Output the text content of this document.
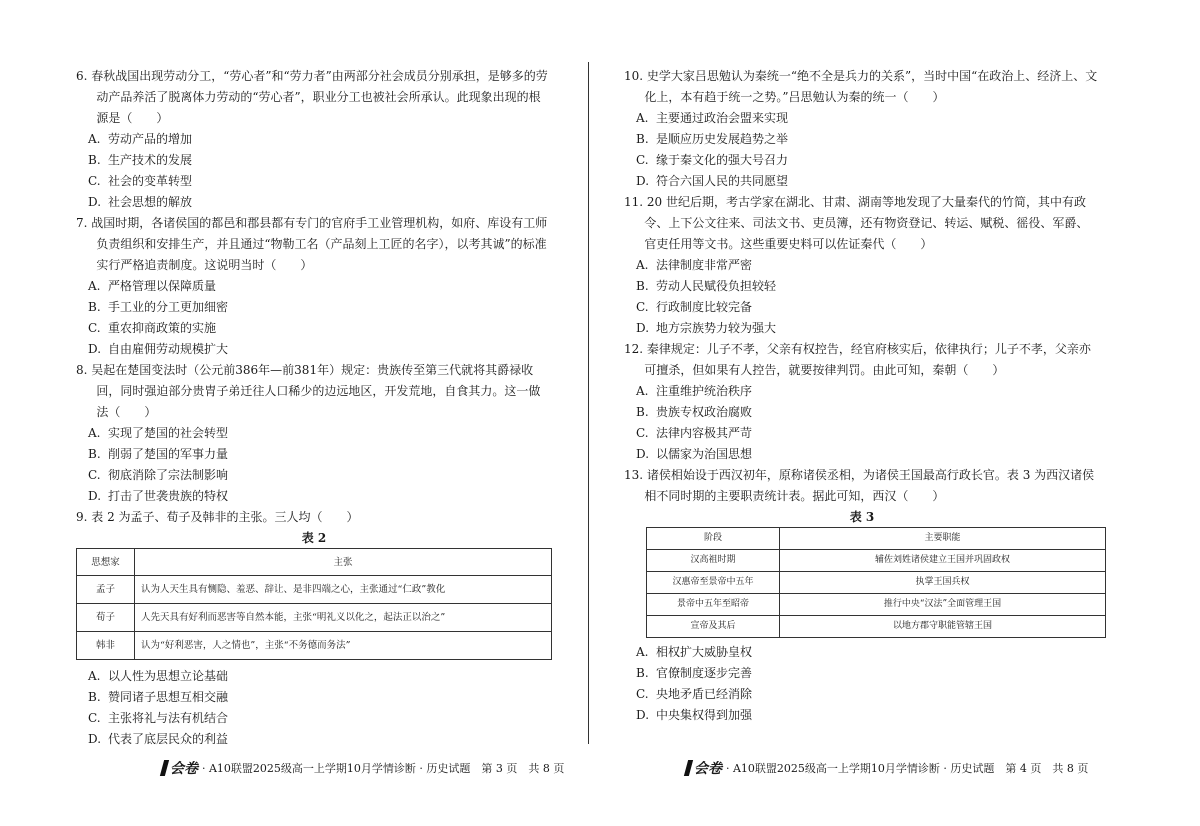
6. 春秋战国出现劳动分工，“劳心者”和“劳力者”由两部分社会成员分别承担，是够多的劳动产品养活了脱离体力劳动的“劳心者”，职业分工也被社会所承认。此现象出现的根源是（　　）

A. 劳动产品的增加

B. 生产技术的发展

C. 社会的变革转型

D. 社会思想的解放

7. 战国时期，各诸侯国的都邑和郡县都有专门的官府手工业管理机构，如府、库设有工师负责组织和安排生产，并且通过“物勒工名（产品刻上工匠的名字），以考其诚”的标准实行严格追责制度。这说明当时（　　）

A. 严格管理以保障质量

B. 手工业的分工更加细密

C. 重农抑商政策的实施

D. 自由雇佣劳动规模扩大

8. 吴起在楚国变法时（公元前386年—前381年）规定：贵族传至第三代就将其爵禄收回，同时强迫部分贵胄子弟迁往人口稀少的边远地区，开发荒地，自食其力。这一做法（　　）

A. 实现了楚国的社会转型

B. 削弱了楚国的军事力量

C. 彻底消除了宗法制影响

D. 打击了世袭贵族的特权

9. 表 2 为孟子、荀子及韩非的主张。三人均（　　）

表 2

思想家	主张
孟子	认为人天生具有恻隐、羞恶、辞让、是非四端之心，主张通过“仁政”教化
荀子	人先天具有好利而恶害等自然本能，主张“明礼义以化之，起法正以治之”
韩非	认为“好利恶害，人之情也”，主张“不务德而务法”

A. 以人性为思想立论基础

B. 赞同诸子思想互相交融

C. 主张将礼与法有机结合

D. 代表了底层民众的利益

10. 史学大家吕思勉认为秦统一“绝不全是兵力的关系”，当时中国“在政治上、经济上、文化上，本有趋于统一之势。”吕思勉认为秦的统一（　　）

A. 主要通过政治会盟来实现

B. 是顺应历史发展趋势之举

C. 缘于秦文化的强大号召力

D. 符合六国人民的共同愿望

11. 20 世纪后期，考古学家在湖北、甘肃、湖南等地发现了大量秦代的竹简，其中有政令、上下公文往来、司法文书、吏员簿，还有物资登记、转运、赋税、徭役、军爵、官吏任用等文书。这些重要史料可以佐证秦代（　　）

A. 法律制度非常严密

B. 劳动人民赋役负担较轻

C. 行政制度比较完备

D. 地方宗族势力较为强大

12. 秦律规定：儿子不孝，父亲有权控告，经官府核实后，依律执行；儿子不孝，父亲亦可擅杀，但如果有人控告，就要按律判罚。由此可知，秦朝（　　）

A. 注重维护统治秩序

B. 贵族专权政治腐败

C. 法律内容极其严苛

D. 以儒家为治国思想

13. 诸侯相始设于西汉初年，原称诸侯丞相，为诸侯王国最高行政长官。表 3 为西汉诸侯相不同时期的主要职责统计表。据此可知，西汉（　　）

表 3

阶段	主要职能
汉高祖时期	辅佐刘姓诸侯建立王国并巩固政权
汉惠帝至景帝中五年	执掌王国兵权
景帝中五年至昭帝	推行中央“汉法”全面管理王国
宣帝及其后	以地方郡守职能管辖王国

A. 相权扩大威胁皇权

B. 官僚制度逐步完善

C. 央地矛盾已经消除

D. 中央集权得到加强

会卷 · A10联盟2025级高一上学期10月学情诊断 · 历史试题　第 3 页　共 8 页	会卷 · A10联盟2025级高一上学期10月学情诊断 · 历史试题　第 4 页　共 8 页
